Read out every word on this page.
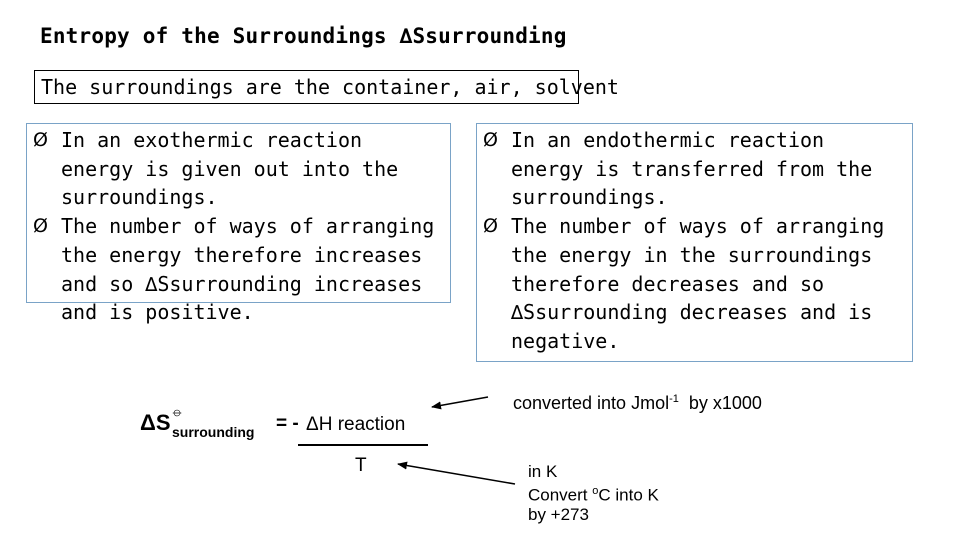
Entropy of the Surroundings ∆Ssurrounding
The surroundings are the container, air, solvent
Ø In an exothermic reaction energy is given out into the surroundings.
Ø The number of ways of arranging the energy therefore increases and so ∆Ssurrounding increases and is positive.
Ø In an endothermic reaction energy is transferred from the surroundings.
Ø The number of ways of arranging the energy in the surroundings therefore decreases and so ∆Ssurrounding decreases and is negative.
ΔS ⦵
surrounding = - ΔH reaction
T
converted into Jmol$^{-1}$  by x1000
in K
Convert $^o$C into K
by +273
